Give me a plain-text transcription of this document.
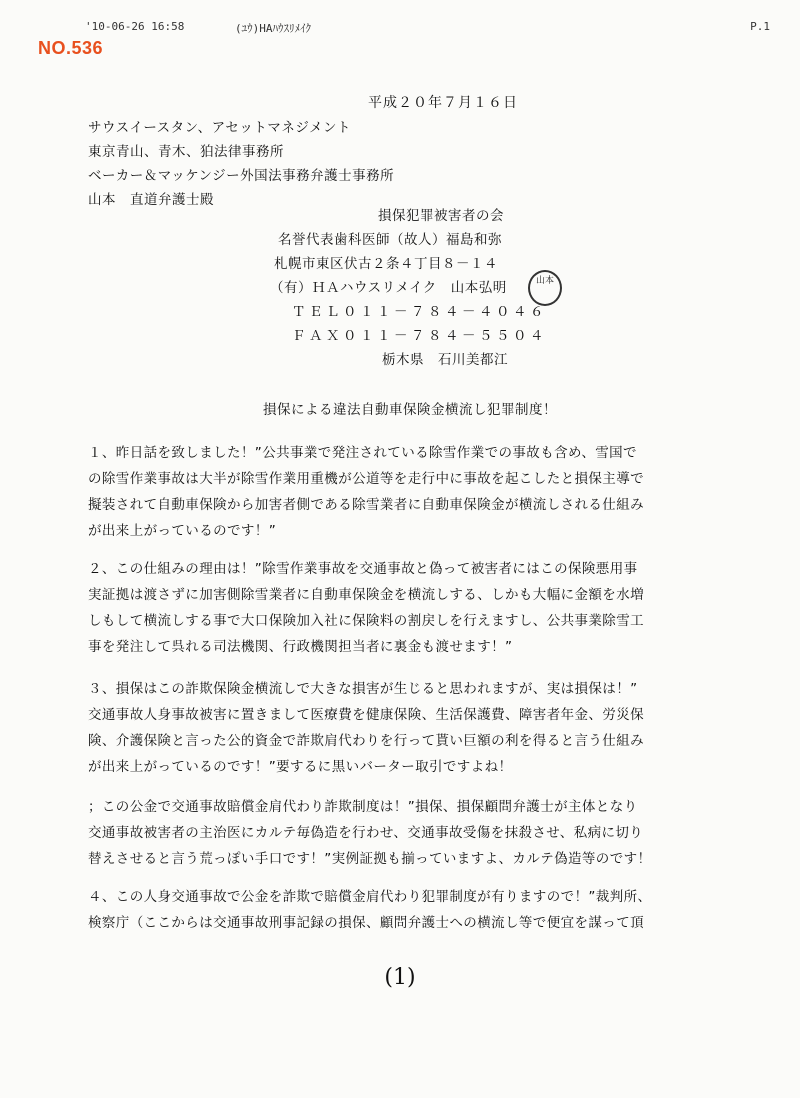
'10-06-26 16:58	(ﾕｳ)HAﾊｳｽﾘﾒｲｸ	P.1
NO.536
平成２０年７月１６日
サウスイースタン、アセットマネジメント
東京青山、青木、狛法律事務所
ベーカー＆マッケンジー外国法事務弁護士事務所
山本　直道弁護士殿
損保犯罪被害者の会
名誉代表歯科医師（故人）福島和弥
札幌市東区伏古２条４丁目８－１４
（有）ＨＡハウスリメイク　山本弘明
ＴＥＬ０１１－７８４－４０４６
ＦＡＸ０１１－７８４－５５０４
栃木県　石川美都江
山本
損保による違法自動車保険金横流し犯罪制度！
１、昨日話を致しました！”公共事業で発注されている除雪作業での事故も含め、雪国で
の除雪作業事故は大半が除雪作業用重機が公道等を走行中に事故を起こしたと損保主導で
擬装されて自動車保険から加害者側である除雪業者に自動車保険金が横流しされる仕組み
が出来上がっているのです！”
２、この仕組みの理由は！”除雪作業事故を交通事故と偽って被害者にはこの保険悪用事
実証拠は渡さずに加害側除雪業者に自動車保険金を横流しする、しかも大幅に金額を水増
しもして横流しする事で大口保険加入社に保険料の割戻しを行えますし、公共事業除雪工
事を発注して呉れる司法機関、行政機関担当者に裏金も渡せます！”
３、損保はこの詐欺保険金横流しで大きな損害が生じると思われますが、実は損保は！”
交通事故人身事故被害に置きまして医療費を健康保険、生活保護費、障害者年金、労災保
険、介護保険と言った公的資金で詐欺肩代わりを行って貰い巨額の利を得ると言う仕組み
が出来上がっているのです！”要するに黒いバーター取引ですよね！
；この公金で交通事故賠償金肩代わり詐欺制度は！”損保、損保顧問弁護士が主体となり
交通事故被害者の主治医にカルテ毎偽造を行わせ、交通事故受傷を抹殺させ、私病に切り
替えさせると言う荒っぽい手口です！”実例証拠も揃っていますよ、カルテ偽造等のです！
４、この人身交通事故で公金を詐欺で賠償金肩代わり犯罪制度が有りますので！”裁判所、
検察庁（ここからは交通事故刑事記録の損保、顧問弁護士への横流し等で便宜を謀って頂
(1)
